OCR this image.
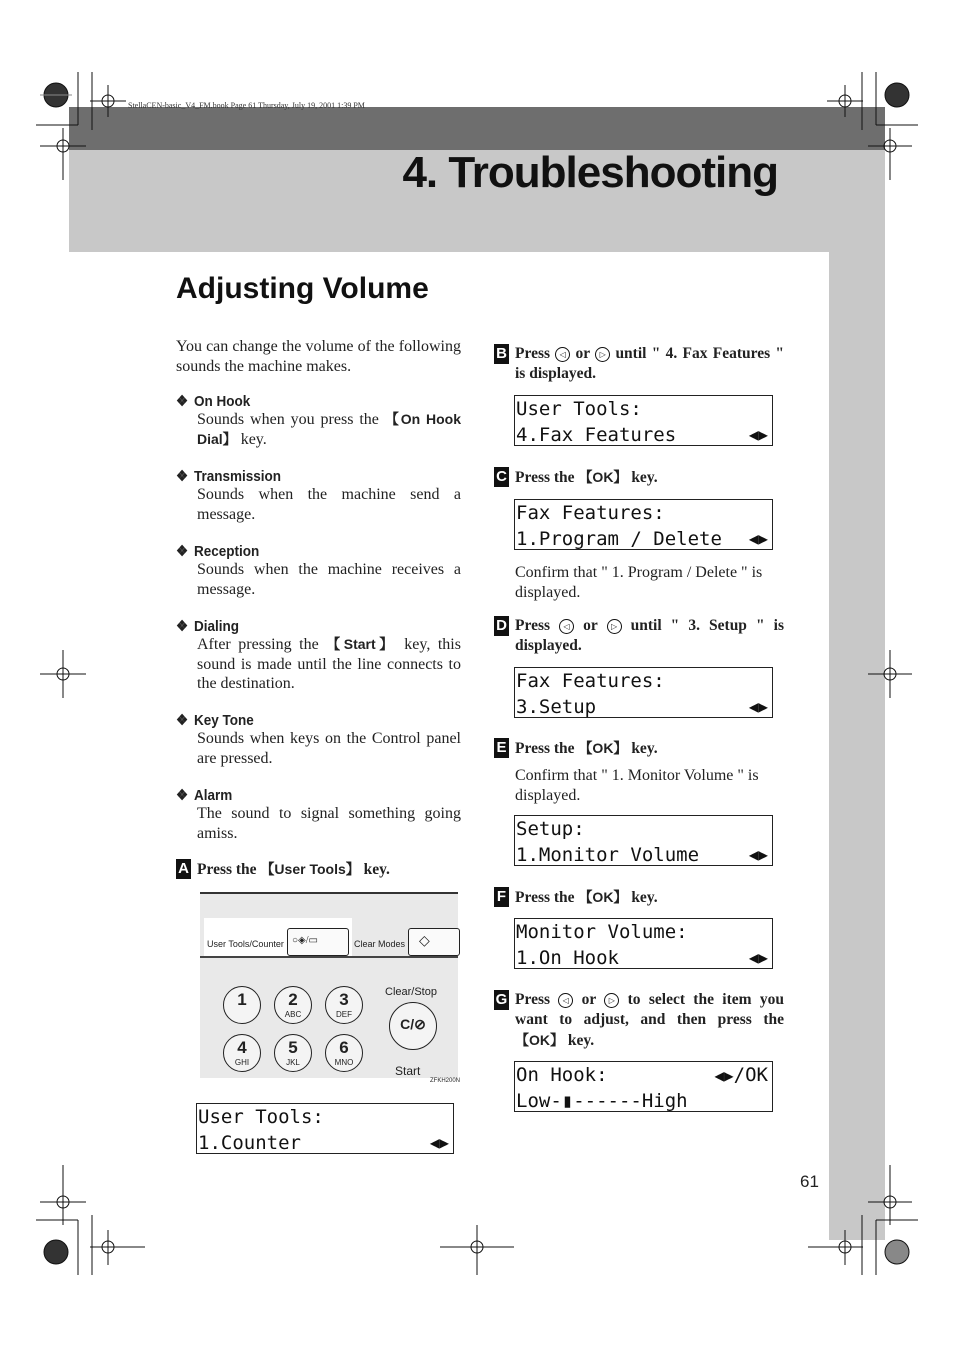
StellaCEN-basic_V4_FM.book Page 61 Thursday, July 19, 2001 1:39 PM
4. Troubleshooting
Adjusting Volume
You can change the volume of the following sounds the machine makes.
❖ On Hook
Sounds when you press the 【On Hook Dial】 key.
❖ Transmission
Sounds when the machine send a message.
❖ Reception
Sounds when the machine receives a message.
❖ Dialing
After pressing the 【Start】 key, this sound is made until the line connects to the destination.
❖ Key Tone
Sounds when keys on the Control panel are pressed.
❖ Alarm
The sound to signal something going amiss.
A Press the 【User Tools】 key.
User Tools/Counter ○◈/▭	Clear Modes ◇
1	2
ABC
3
DEF
4
GHI
5
JKL
6
MNO
Clear/Stop
C/⊘
Start
ZFKH200N
User Tools:
1.Counter	◀▶
B Press ◁ or ▷ until " 4. Fax Features " is displayed.
User Tools:
4.Fax Features	◀▶
C Press the 【OK】 key.
Fax Features:
1.Program / Delete ◀▶
Confirm that " 1. Program / Delete " is displayed.
D Press ◁ or ▷ until " 3. Setup " is displayed.
Fax Features:
3.Setup	◀▶
E Press the 【OK】 key.
Confirm that " 1. Monitor Volume " is displayed.
Setup:
1.Monitor Volume	◀▶
F Press the 【OK】 key.
Monitor Volume:
1.On Hook	◀▶
G Press ◁ or ▷ to select the item you want to adjust, and then press the 【OK】 key.
On Hook:	◀▶/OK
Low-▮------High
61
